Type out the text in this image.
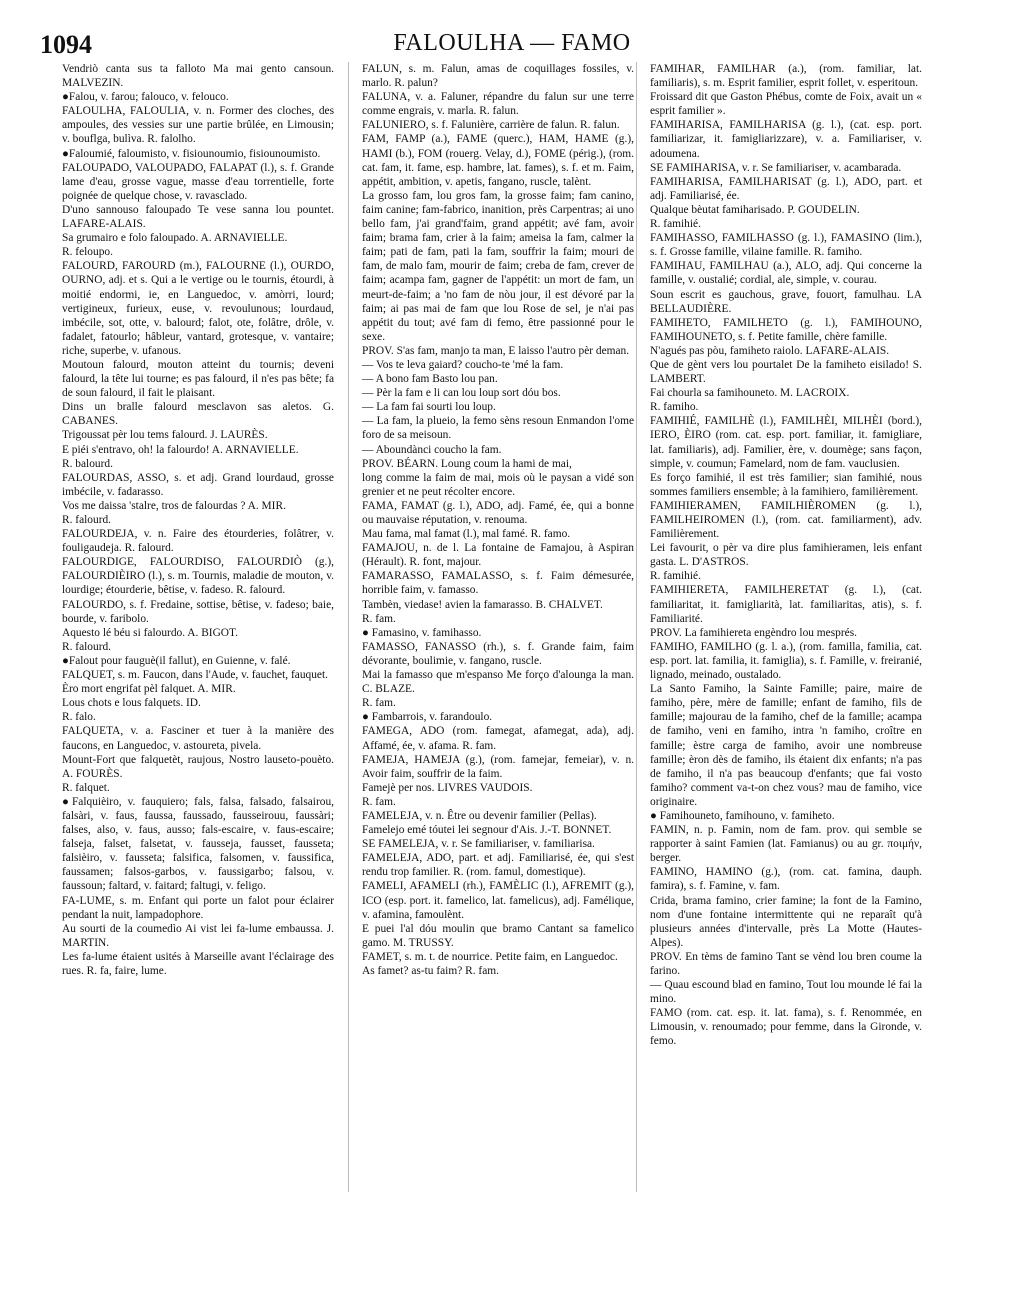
1094	FALOULHA — FAMO

Vendriò canta sus ta falloto Ma mai gento cansoun. MALVEZIN.

●Falou, v. farou; falouco, v. felouco.

FALOULHA, FALOULIA, v. n. Former des cloches, des ampoules, des vessies sur une partie brûlée, en Limousin; v. bouflga, bulìva. R. falolho.

●Faloumié, faloumisto, v. fisiounoumio, fisiounoumisto.

FALOUPADO, VALOUPADO, FALAPAT (l.), s. f. Grande lame d'eau, grosse vague, masse d'eau torrentielle, forte poignée de quelque chose, v. ravasclado.

D'uno sannouso faloupado Te vese sanna lou pountet. LAFARE-ALAIS.

Sa grumairo e folo faloupado. A. ARNAVIELLE.

R. feloupo.

FALOURD, FAROURD (m.), FALOURNE (l.), OURDO, OURNO, adj. et s. Qui a le vertige ou le tournis, étourdi, à moitié endormi, ie, en Languedoc, v. amòrri, lourd; vertigineux, furieux, euse, v. revoulunous; lourdaud, imbécile, sot, otte, v. balourd; falot, ote, folâtre, drôle, v. fadalet, fatourlo; hâbleur, vantard, grotesque, v. vantaire; riche, superbe, v. ufanous.

Moutoun falourd, mouton atteint du tournis; deveni falourd, la tête lui tourne; es pas falourd, il n'es pas bête; fa de soun falourd, il fait le plaisant.

Dins un bralle falourd mesclavon sas aletos. G. CABANES.

Trigoussat pèr lou tems falourd. J. LAURÈS.

E piéi s'entravo, oh! la falourdo! A. ARNAVIELLE.

R. balourd.

FALOURDAS, ASSO, s. et adj. Grand lourdaud, grosse imbécile, v. fadarasso.

Vos me daissa 'stalre, tros de falourdas ? A. MIR.

R. falourd.

FALOURDEJA, v. n. Faire des étourderies, folâtrer, v. fouligaudeja. R. falourd.

FALOURDIGE, FALOURDISO, FALOURDIÒ (g.), FALOURDIÈIRO (l.), s. m. Tournis, maladie de mouton, v. lourdige; étourderie, bêtise, v. fadeso. R. falourd.

FALOURDO, s. f. Fredaine, sottise, bêtise, v. fadeso; baie, bourde, v. faribolo.

Aquesto lé béu si falourdo. A. BIGOT.

R. falourd.

●Falout pour fauguè(il fallut), en Guienne, v. falé.

FALQUET, s. m. Faucon, dans l'Aude, v. fauchet, fauquet.

Èro mort engrifat pèl falquet. A. MIR.

Lous chots e lous falquets. ID.

R. falo.

FALQUETA, v. a. Fasciner et tuer à la manière des faucons, en Languedoc, v. astoureta, pivela.

Mount-Fort que falquetèt, raujous, Nostro lauseto-pouèto. A. FOURÈS.

R. falquet.

●Falquièiro, v. fauquiero; fals, falsa, falsado, falsairou, falsàri, v. faus, faussa, faussado, fausseirouu, faussàri; falses, also, v. faus, ausso; fals-escaire, v. faus-escaire; falseja, falset, falsetat, v. fausseja, fausset, fausseta; falsièiro, v. fausseta; falsifica, falsomen, v. faussifica, faussamen; falsos-garbos, v. faussigarbo; falsou, v. faussoun; faltard, v. faitard; faltugi, v. feligo.

FA-LUME, s. m. Enfant qui porte un falot pour éclairer pendant la nuit, lampadophore.

Au sourti de la coumedìo Ai vist lei fa-lume embaussa. J. MARTIN.

Les fa-lume étaient usités à Marseille avant l'éclairage des rues. R. fa, faire, lume.

FALUN, s. m. Falun, amas de coquillages fossiles, v. marlo. R. palun?

FALUNA, v. a. Faluner, répandre du falun sur une terre comme engrais, v. marla. R. falun.

FALUNIERO, s. f. Falunière, carrière de falun. R. falun.

FAM, FAMP (a.), FAME (querc.), HAM, HAME (g.), HAMI (b.), FOM (rouerg. Velay, d.), FOME (périg.), (rom. cat. fam, it. fame, esp. hambre, lat. fames), s. f. et m. Faim, appétit, ambition, v. apetis, fangano, ruscle, talènt.

La grosso fam, lou gros fam, la grosse faim; fam canino, faim canine; fam-fabrico, inanition, près Carpentras; ai uno bello fam, j'ai grand'faim, grand appétit; avé fam, avoir faim; brama fam, crier à la faim; ameisa la fam, calmer la faim; pati de fam, pati la fam, souffrir la faim; mouri de fam, de malo fam, mourir de faim; creba de fam, crever de faim; acampa fam, gagner de l'appétit: un mort de fam, un meurt-de-faim; a 'no fam de nòu jour, il est dévoré par la faim; ai pas mai de fam que lou Rose de sel, je n'ai pas appétit du tout; avé fam di femo, être passionné pour le sexe.

PROV. S'as fam, manjo ta man, E laisso l'autro pèr deman.

— Vos te leva gaiard? coucho-te 'mé la fam.

— A bono fam Basto lou pan.

— Pèr la fam e li can lou loup sort dóu bos.

— La fam fai sourti lou loup.

— La fam, la plueio, la femo sèns resoun Enmandon l'ome foro de sa meisoun.

— Aboundànci coucho la fam.

PROV. BÉARN. Loung coum la hami de mai,

long comme la faim de mai, mois où le paysan a vidé son grenier et ne peut récolter encore.

FAMA, FAMAT (g. l.), ADO, adj. Famé, ée, qui a bonne ou mauvaise réputation, v. renouma.

Mau fama, mal famat (l.), mal famé. R. famo.

FAMAJOU, n. de l. La fontaine de Famajou, à Aspiran (Hérault). R. font, majour.

FAMARASSO, FAMALASSO, s. f. Faim démesurée, horrible faim, v. famasso.

Tambèn, viedase! avien la famarasso. B. CHALVET.

R. fam.

● Famasino, v. famihasso.

FAMASSO, FANASSO (rh.), s. f. Grande faim, faim dévorante, boulimie, v. fangano, ruscle.

Mai la famasso que m'espanso Me forço d'alounga la man. C. BLAZE.

R. fam.

● Fambarrois, v. farandoulo.

FAMEGA, ADO (rom. famegat, afamegat, ada), adj. Affamé, ée, v. afama. R. fam.

FAMEJA, HAMEJA (g.), (rom. famejar, femeiar), v. n. Avoir faim, souffrir de la faim.

Famejè per nos. LIVRES VAUDOIS.

R. fam.

FAMELEJA, v. n. Être ou devenir familier (Pellas).

Famelejo emé tóutei lei segnour d'Ais. J.-T. BONNET.

SE FAMELEJA, v. r. Se familiariser, v. familiarisa.

FAMELEJA, ADO, part. et adj. Familiarisé, ée, qui s'est rendu trop familier. R. (rom. famul, domestique).

FAMELI, AFAMELI (rh.), FAMÈLIC (l.), AFREMIT (g.), ICO (esp. port. it. famelico, lat. famelicus), adj. Famélique, v. afamina, famoulènt.

E puei l'al dóu moulin que bramo Cantant sa famelico gamo. M. TRUSSY.

FAMET, s. m. t. de nourrice. Petite faim, en Languedoc.

As famet? as-tu faim? R. fam.

FAMIHAR, FAMILHAR (a.), (rom. familiar, lat. familiaris), s. m. Esprit familier, esprit follet, v. esperitoun.

Froissard dit que Gaston Phébus, comte de Foix, avait un « esprit familier ».

FAMIHARISA, FAMILHARISA (g. l.), (cat. esp. port. familiarizar, it. famigliarizzare), v. a. Familiariser, v. adoumena.

SE FAMIHARISA, v. r. Se familiariser, v. acambarada.

FAMIHARISA, FAMILHARISAT (g. l.), ADO, part. et adj. Familiarisé, ée.

Qualque bèutat famiharisado. P. GOUDELIN.

R. famihié.

FAMIHASSO, FAMILHASSO (g. l.), FAMASINO (lim.), s. f. Grosse famille, vilaine famille. R. famiho.

FAMIHAU, FAMILHAU (a.), ALO, adj. Qui concerne la famille, v. oustalié; cordial, ale, simple, v. courau.

Soun escrit es gauchous, grave, fouort, famulhau. LA BELLAUDIÈRE.

FAMIHETO, FAMILHETO (g. l.), FAMIHOUNO, FAMIHOUNETO, s. f. Petite famille, chère famille.

N'agués pas pòu, famiheto raiolo. LAFARE-ALAIS.

Que de gènt vers lou pourtalet De la famiheto eisilado! S. LAMBERT.

Fai chourla sa famihouneto. M. LACROIX.

R. famiho.

FAMIHIÉ, FAMILHÈ (l.), FAMILHÈI, MILHÈI (bord.), IERO, ÈIRO (rom. cat. esp. port. familiar, it. famigliare, lat. familiaris), adj. Familier, ère, v. doumège; sans façon, simple, v. coumun; Famelard, nom de fam. vauclusien.

Es forço famihié, il est très familier; sian famihié, nous sommes familiers ensemble; à la famihiero, familièrement.

FAMIHIERAMEN, FAMILHIÈROMEN (g. l.), FAMILHEIROMEN (l.), (rom. cat. familiarment), adv. Familièrement.

Lei favourit, o pèr va dire plus famihieramen, leis enfant gasta. L. D'ASTROS.

R. famihié.

FAMIHIERETA, FAMILHERETAT (g. l.), (cat. familiaritat, it. famigliarità, lat. familiaritas, atis), s. f. Familiarité.

PROV. La famihiereta engèndro lou mesprés.

FAMIHO, FAMILHO (g. l. a.), (rom. familla, familia, cat. esp. port. lat. familia, it. famiglia), s. f. Famille, v. freiranié, lignado, meinado, oustalado.

La Santo Famiho, la Sainte Famille; paire, maire de famiho, père, mère de famille; enfant de famiho, fils de famille; majourau de la famiho, chef de la famille; acampa de famiho, veni en famiho, intra 'n famiho, croître en famille; èstre carga de famiho, avoir une nombreuse famille; èron dès de famiho, ils étaient dix enfants; n'a pas de famiho, il n'a pas beaucoup d'enfants; que fai vosto famiho? comment va-t-on chez vous? mau de famiho, vice originaire.

● Famihouneto, famihouno, v. famiheto.

FAMIN, n. p. Famin, nom de fam. prov. qui semble se rapporter à saint Famien (lat. Famianus) ou au gr. ποιμήν, berger.

FAMINO, HAMINO (g.), (rom. cat. famina, dauph. famira), s. f. Famine, v. fam.

Crida, brama famino, crier famine; la font de la Famino, nom d'une fontaine intermittente qui ne reparaît qu'à plusieurs années d'intervalle, près La Motte (Hautes-Alpes).

PROV. En tèms de famino Tant se vènd lou bren coume la farino.

— Quau escound blad en famino, Tout lou mounde lé fai la mino.

FAMO (rom. cat. esp. it. lat. fama), s. f. Renommée, en Limousin, v. renoumado; pour femme, dans la Gironde, v. femo.
